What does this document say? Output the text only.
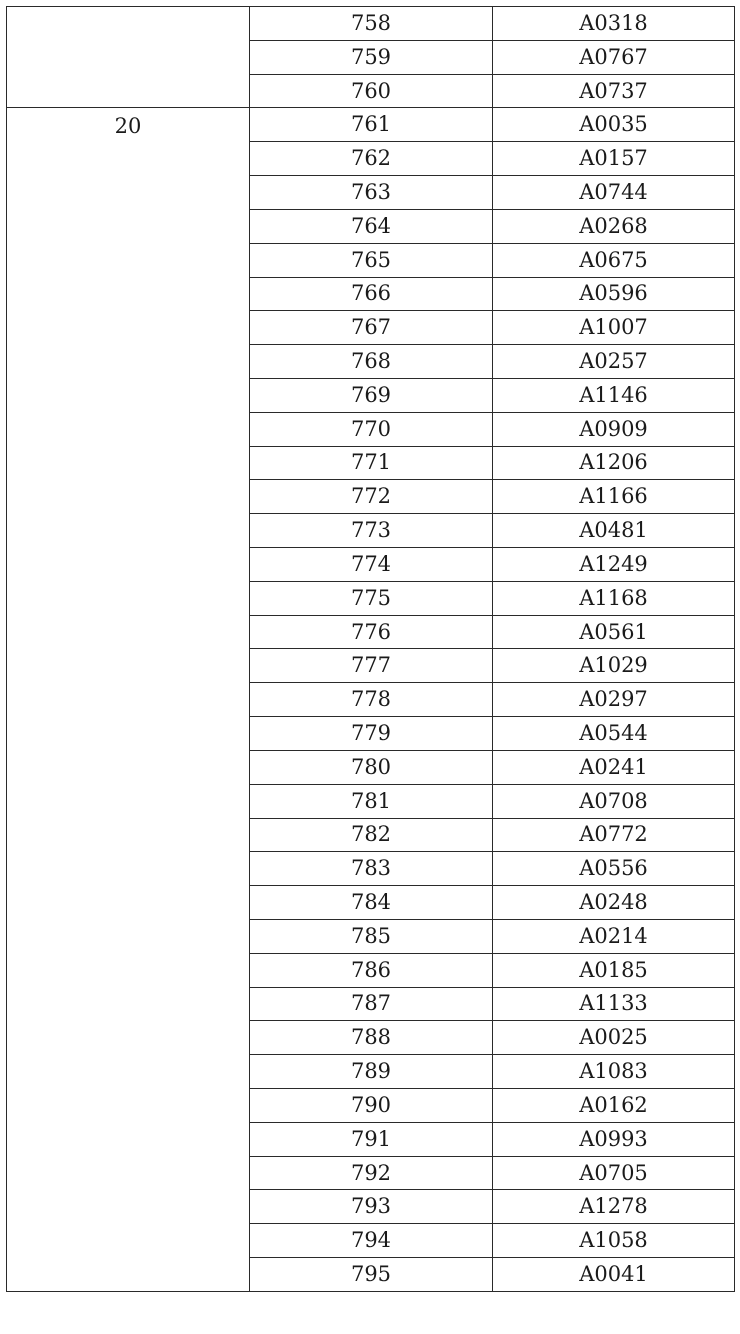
	758	A0318
	759	A0767
	760	A0737
20	761	A0035
	762	A0157
	763	A0744
	764	A0268
	765	A0675
	766	A0596
	767	A1007
	768	A0257
	769	A1146
	770	A0909
	771	A1206
	772	A1166
	773	A0481
	774	A1249
	775	A1168
	776	A0561
	777	A1029
	778	A0297
	779	A0544
	780	A0241
	781	A0708
	782	A0772
	783	A0556
	784	A0248
	785	A0214
	786	A0185
	787	A1133
	788	A0025
	789	A1083
	790	A0162
	791	A0993
	792	A0705
	793	A1278
	794	A1058
	795	A0041
